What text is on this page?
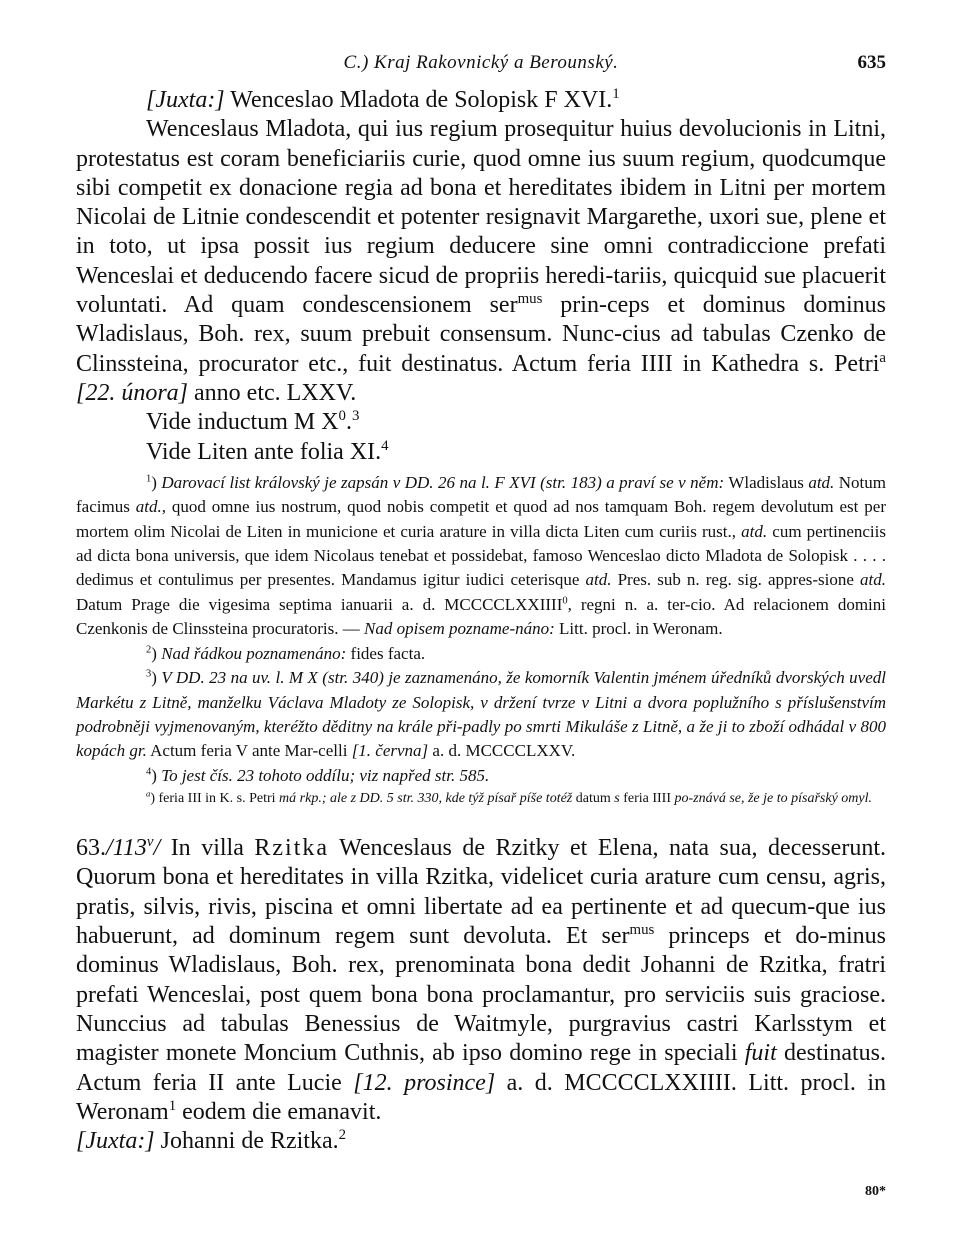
C.) Kraj Rakovnický a Berounský.	635

[Juxta:] Wenceslao Mladota de Solopisk F XVI.$^1$

Wenceslaus Mladota, qui ius regium prosequitur huius devolucionis in Litni, protestatus est coram beneficiariis curie, quod omne ius suum regium, quodcumque sibi competit ex donacione regia ad bona et hereditates ibidem in Litni per mortem Nicolai de Litnie condescendit et potenter resignavit Margarethe, uxori sue, plene et in toto, ut ipsa possit ius regium deducere sine omni contradiccione prefati Wenceslai et deducendo facere sicud de propriis heredi-tariis, quicquid sue placuerit voluntati. Ad quam condescensionem ser$^{mus}$ prin-ceps et dominus dominus Wladislaus, Boh. rex, suum prebuit consensum. Nunc-cius ad tabulas Czenko de Clinssteina, procurator etc., fuit destinatus. Actum feria IIII in Kathedra s. Petri$^a$ [22. února] anno etc. LXXV.

Vide inductum M $X^0.^3$

Vide Liten ante folia XI.$^4$

$^1$) Darovací list královský je zapsán v DD. 26 na l. F XVI (str. 183) a praví se v něm: Wladislaus atd. Notum facimus atd., quod omne ius nostrum, quod nobis competit et quod ad nos tamquam Boh. regem devolutum est per mortem olim Nicolai de Liten in municione et curia arature in villa dicta Liten cum curiis rust., atd. cum pertinenciis ad dicta bona universis, que idem Nicolaus tenebat et possidebat, famoso Wenceslao dicto Mladota de Solopisk . . . . dedimus et contulimus per presentes. Mandamus igitur iudici ceterisque atd. Pres. sub n. reg. sig. appres-sione atd. Datum Prage die vigesima septima ianuarii a. d. MCCCCLXXIIII$^0$, regni n. a. ter-cio. Ad relacionem domini Czenkonis de Clinssteina procuratoris. — Nad opisem pozname-náno: Litt. procl. in Weronam.

$^2$) Nad řádkou poznamenáno: fides facta.

$^3$) V DD. 23 na uv. l. M X (str. 340) je zaznamenáno, že komorník Valentin jménem úředníků dvorských uvedl Markétu z Litně, manželku Václava Mladoty ze Solopisk, v držení tvrze v Litni a dvora poplužního s příslušenstvím podrobněji vyjmenovaným, kteréžto děditny na krále při-padly po smrti Mikuláše z Litně, a že ji to zboží odhádal v 800 kopách gr. Actum feria V ante Mar-celli [1. června] a. d. MCCCCLXXV.

$^4$) To jest čís. 23 tohoto oddílu; viz napřed str. 585.

$^a$) feria III in K. s. Petri má rkp.; ale z DD. 5 str. 330, kde týž písař píše totéž datum s feria IIII po-znává se, že je to písařský omyl.

63./113$^v$/ In villa Rzitka Wenceslaus de Rzitky et Elena, nata sua, decesserunt. Quorum bona et hereditates in villa Rzitka, videlicet curia arature cum censu, agris, pratis, silvis, rivis, piscina et omni libertate ad ea pertinente et ad quecum-que ius habuerunt, ad dominum regem sunt devoluta. Et ser$^{mus}$ princeps et do-minus dominus Wladislaus, Boh. rex, prenominata bona dedit Johanni de Rzitka, fratri prefati Wenceslai, post quem bona bona proclamantur, pro serviciis suis graciose. Nunccius ad tabulas Benessius de Waitmyle, purgravius castri Karlsstym et magister monete Moncium Cuthnis, ab ipso domino rege in speciali fuit destinatus. Actum feria II ante Lucie [12. prosince] a. d. MCCCCLXXIIII. Litt. procl. in Weronam$^1$ eodem die emanavit.

[Juxta:] Johanni de Rzitka.$^2$

80*
